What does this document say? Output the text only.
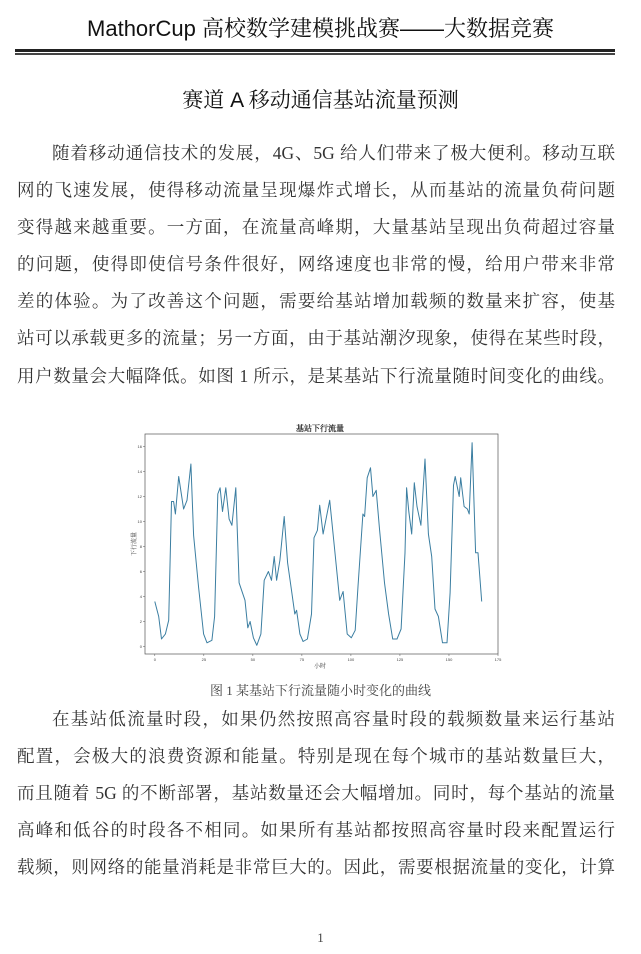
MathorCup 高校数学建模挑战赛——大数据竞赛
赛道 A 移动通信基站流量预测
随着移动通信技术的发展，4G、5G 给人们带来了极大便利。移动互联
网的飞速发展，使得移动流量呈现爆炸式增长，从而基站的流量负荷问题
变得越来越重要。一方面，在流量高峰期，大量基站呈现出负荷超过容量
的问题，使得即使信号条件很好，网络速度也非常的慢，给用户带来非常
差的体验。为了改善这个问题，需要给基站增加载频的数量来扩容，使基
站可以承载更多的流量；另一方面，由于基站潮汐现象，使得在某些时段，
用户数量会大幅降低。如图 1 所示，是某基站下行流量随时间变化的曲线。
基站下行流量
小时
下行流量
0	25	50	75	100	125	150	175
0
2
4
6
8
10
12
14
16
图 1 某基站下行流量随小时变化的曲线
在基站低流量时段，如果仍然按照高容量时段的载频数量来运行基站
配置，会极大的浪费资源和能量。特别是现在每个城市的基站数量巨大，
而且随着 5G 的不断部署，基站数量还会大幅增加。同时，每个基站的流量
高峰和低谷的时段各不相同。如果所有基站都按照高容量时段来配置运行
载频，则网络的能量消耗是非常巨大的。因此，需要根据流量的变化，计算
1
